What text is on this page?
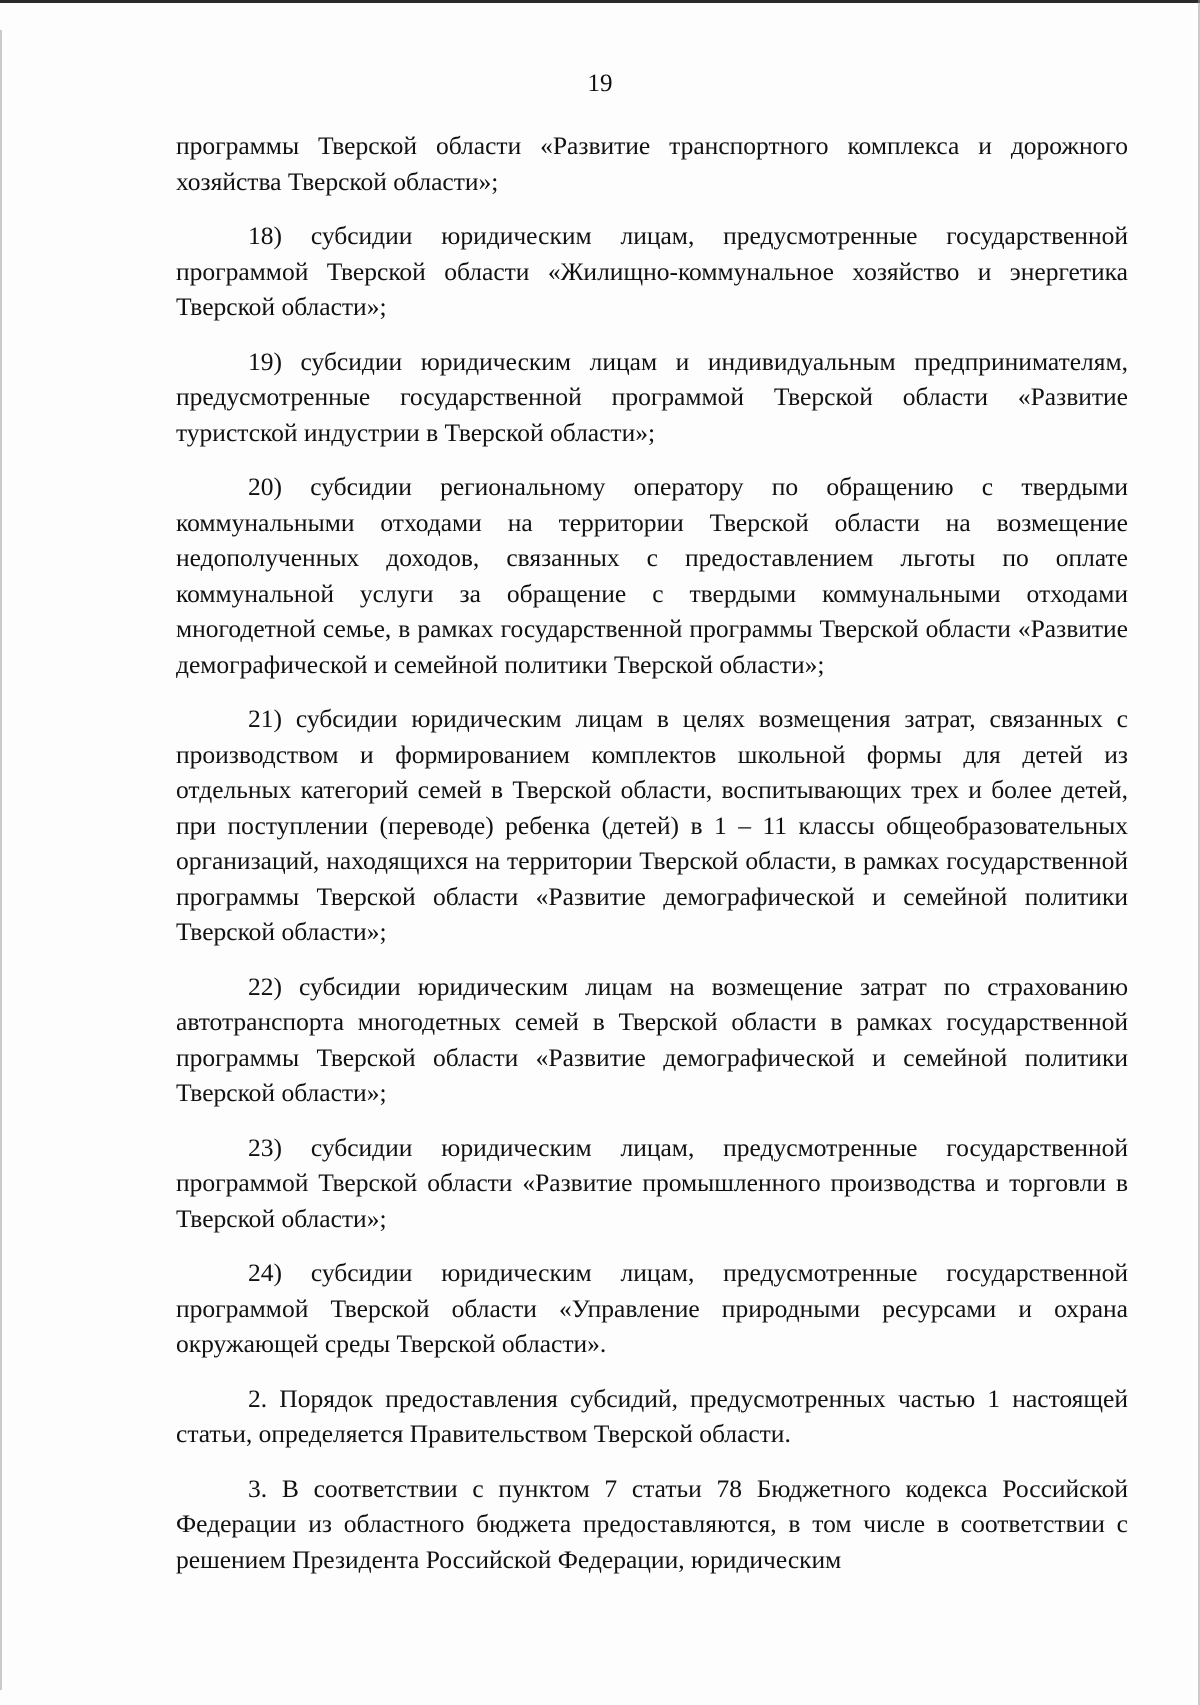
19

программы Тверской области «Развитие транспортного комплекса и дорожного хозяйства Тверской области»;

18) субсидии юридическим лицам, предусмотренные государственной программой Тверской области «Жилищно-коммунальное хозяйство и энергетика Тверской области»;

19) субсидии юридическим лицам и индивидуальным предпринимателям, предусмотренные государственной программой Тверской области «Развитие туристской индустрии в Тверской области»;

20) субсидии региональному оператору по обращению с твердыми коммунальными отходами на территории Тверской области на возмещение недополученных доходов, связанных с предоставлением льготы по оплате коммунальной услуги за обращение с твердыми коммунальными отходами многодетной семье, в рамках государственной программы Тверской области «Развитие демографической и семейной политики Тверской области»;

21) субсидии юридическим лицам в целях возмещения затрат, связанных с производством и формированием комплектов школьной формы для детей из отдельных категорий семей в Тверской области, воспитывающих трех и более детей, при поступлении (переводе) ребенка (детей) в 1 – 11 классы общеобразовательных организаций, находящихся на территории Тверской области, в рамках государственной программы Тверской области «Развитие демографической и семейной политики Тверской области»;

22) субсидии юридическим лицам на возмещение затрат по страхованию автотранспорта многодетных семей в Тверской области в рамках государственной программы Тверской области «Развитие демографической и семейной политики Тверской области»;

23) субсидии юридическим лицам, предусмотренные государственной программой Тверской области «Развитие промышленного производства и торговли в Тверской области»;

24) субсидии юридическим лицам, предусмотренные государственной программой Тверской области «Управление природными ресурсами и охрана окружающей среды Тверской области».

2. Порядок предоставления субсидий, предусмотренных частью 1 настоящей статьи, определяется Правительством Тверской области.

3. В соответствии с пунктом 7 статьи 78 Бюджетного кодекса Российской Федерации из областного бюджета предоставляются, в том числе в соответствии с решением Президента Российской Федерации, юридическим
